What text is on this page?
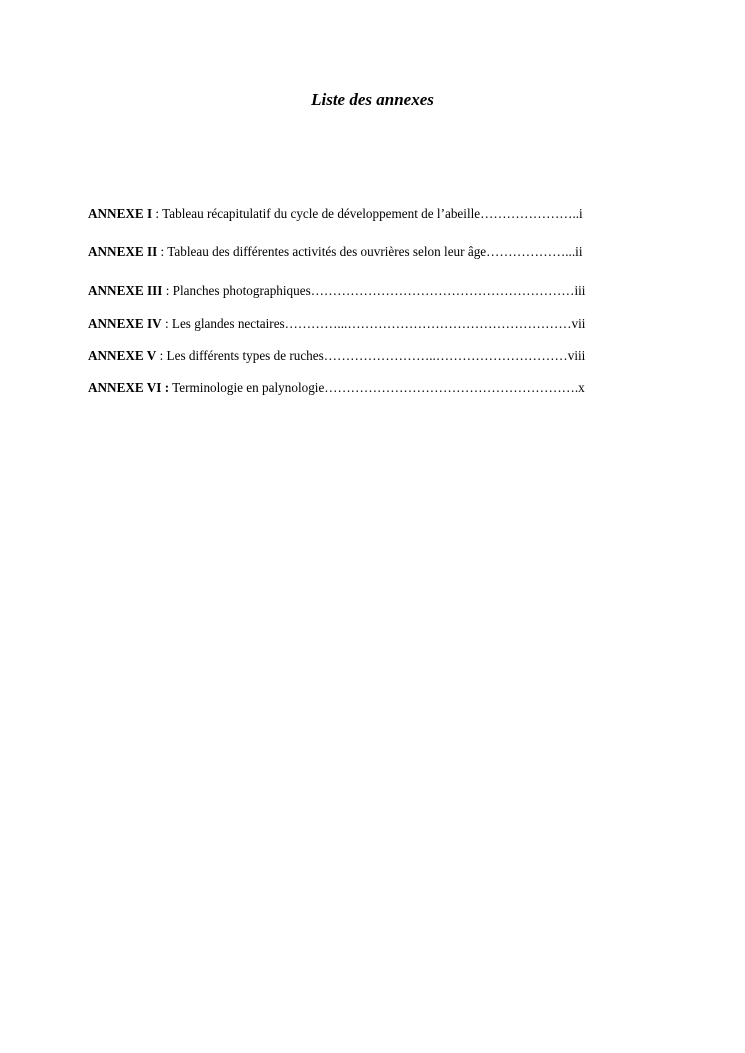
Liste des annexes
ANNEXE I : Tableau récapitulatif du cycle de développement de l’abeille…………………..i
ANNEXE II : Tableau des différentes activités des ouvrières selon leur âge………………...ii
ANNEXE III : Planches photographiques……………………………………………………iii
ANNEXE IV : Les glandes nectaires…………...……………………………………………vii
ANNEXE V : Les différents types de ruches……………………..…………………………viii
ANNEXE VI : Terminologie en palynologie………………………………………………….x
